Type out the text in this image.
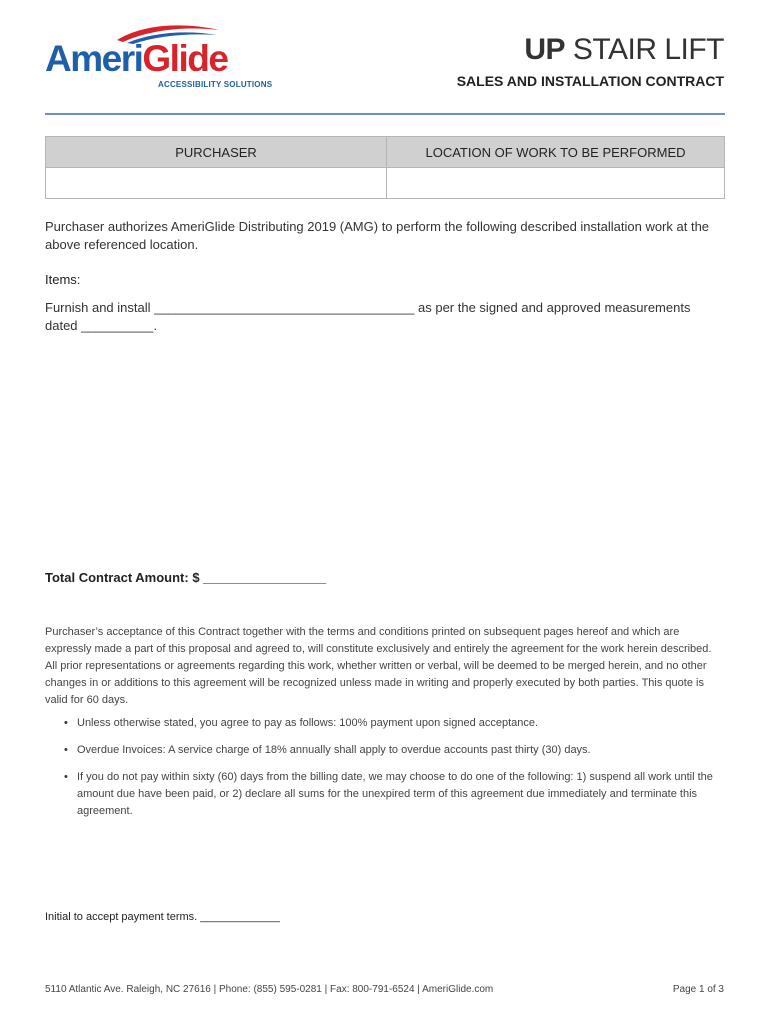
AmeriGlide
ACCESSIBILITY SOLUTIONS
UP STAIR LIFT
SALES AND INSTALLATION CONTRACT
PURCHASER	LOCATION OF WORK TO BE PERFORMED

Purchaser authorizes AmeriGlide Distributing 2019 (AMG) to perform the following described installation work at the above referenced location.
Items:
Furnish and install ____________________________________ as per the signed and approved measurements dated __________.
Total Contract Amount: $ _________________
Purchaser’s acceptance of this Contract together with the terms and conditions printed on subsequent pages hereof and which are expressly made a part of this proposal and agreed to, will constitute exclusively and entirely the agreement for the work herein described. All prior representations or agreements regarding this work, whether written or verbal, will be deemed to be merged herein, and no other changes in or additions to this agreement will be recognized unless made in writing and properly executed by both parties. This quote is valid for 60 days.
• Unless otherwise stated, you agree to pay as follows: 100% payment upon signed acceptance.
• Overdue Invoices: A service charge of 18% annually shall apply to overdue accounts past thirty (30) days.
• If you do not pay within sixty (60) days from the billing date, we may choose to do one of the following: 1) suspend all work until the amount due have been paid, or 2) declare all sums for the unexpired term of this agreement due immediately and terminate this agreement.
Initial to accept payment terms. _____________
5110 Atlantic Ave. Raleigh, NC 27616 | Phone: (855) 595-0281 | Fax: 800-791-6524 | AmeriGlide.com	Page 1 of 3
